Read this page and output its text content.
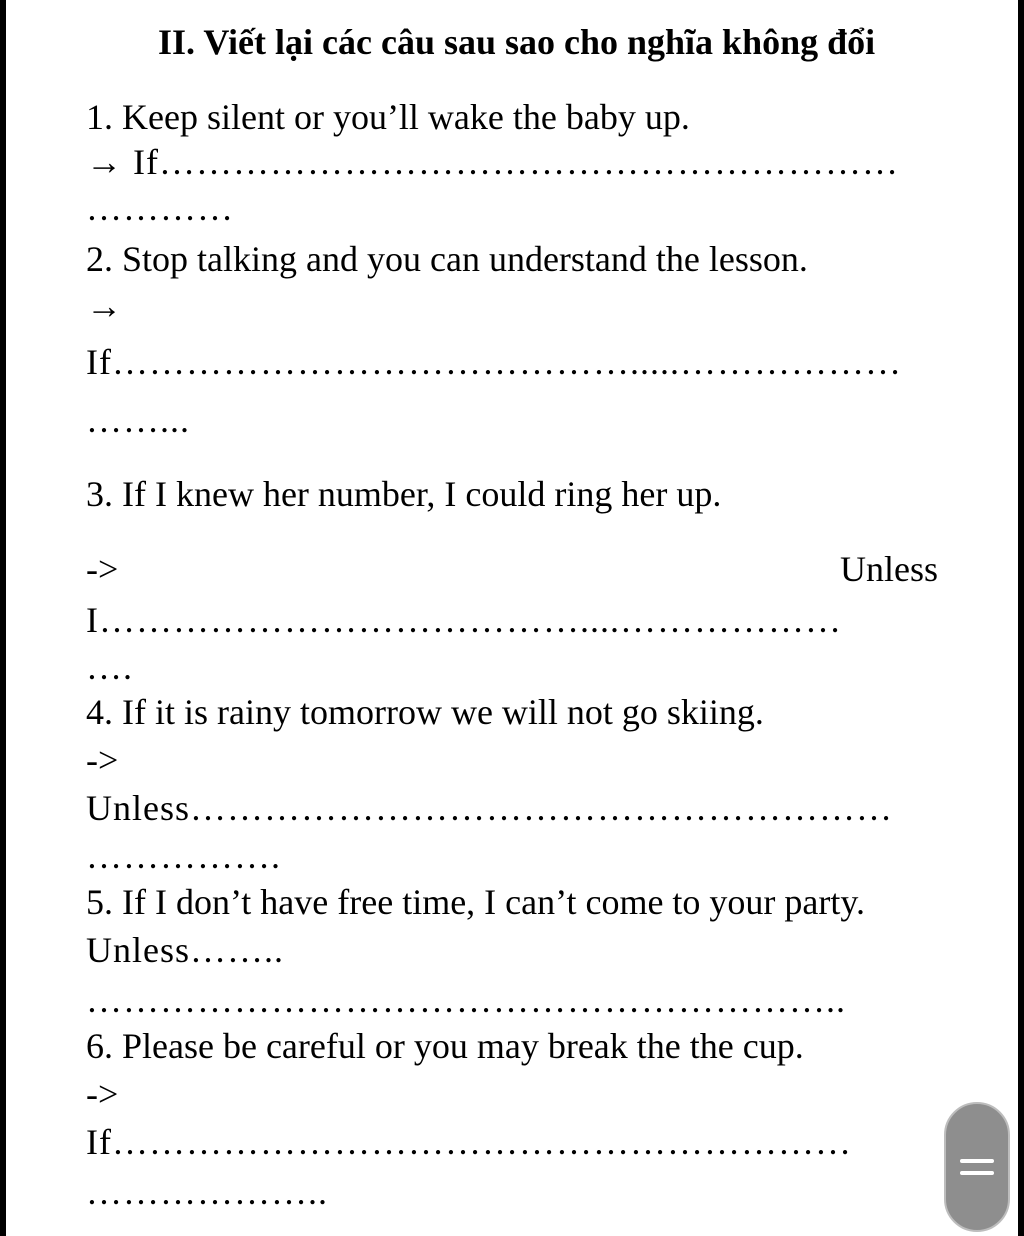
II. Viết lại các câu sau sao cho nghĩa không đổi
1. Keep silent or you’ll wake the baby up.
→ If……………………………………………………
…………
2. Stop talking and you can understand the lesson.
→
If…………………………………….....………………
……...
3. If I knew her number, I could ring her up.
->	Unless
I…………………………………....………………
….
4. If it is rainy tomorrow we will not go skiing.
->
Unless…………………………………………………
…………….
5. If I don’t have free time, I can’t come to your party.
Unless……..
……………………………………………………..
6. Please be careful or you may break the the cup.
->
If……………………………………………………
………………..
